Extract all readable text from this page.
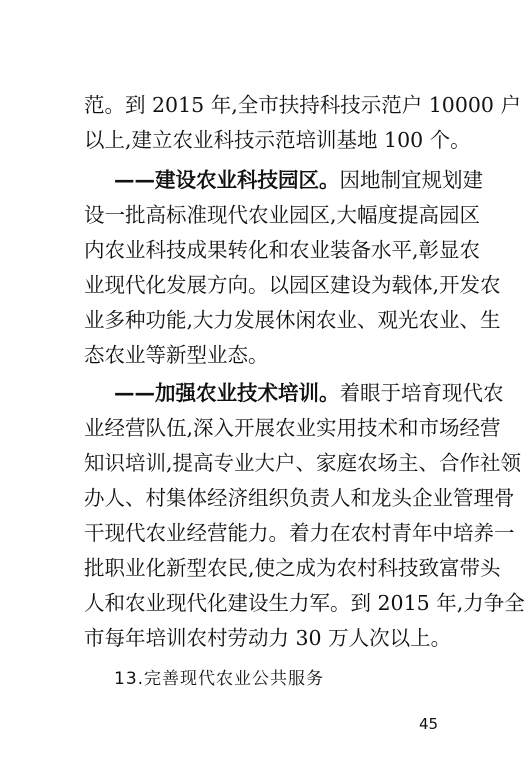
范。到 2015 年,全市扶持科技示范户 10000 户
以上,建立农业科技示范培训基地 100 个。
——建设农业科技园区。因地制宜规划建
设一批高标准现代农业园区,大幅度提高园区
内农业科技成果转化和农业装备水平,彰显农
业现代化发展方向。以园区建设为载体,开发农
业多种功能,大力发展休闲农业、观光农业、生
态农业等新型业态。
——加强农业技术培训。着眼于培育现代农
业经营队伍,深入开展农业实用技术和市场经营
知识培训,提高专业大户、家庭农场主、合作社领
办人、村集体经济组织负责人和龙头企业管理骨
干现代农业经营能力。着力在农村青年中培养一
批职业化新型农民,使之成为农村科技致富带头
人和农业现代化建设生力军。到 2015 年,力争全
市每年培训农村劳动力 30 万人次以上。
13.完善现代农业公共服务
45
